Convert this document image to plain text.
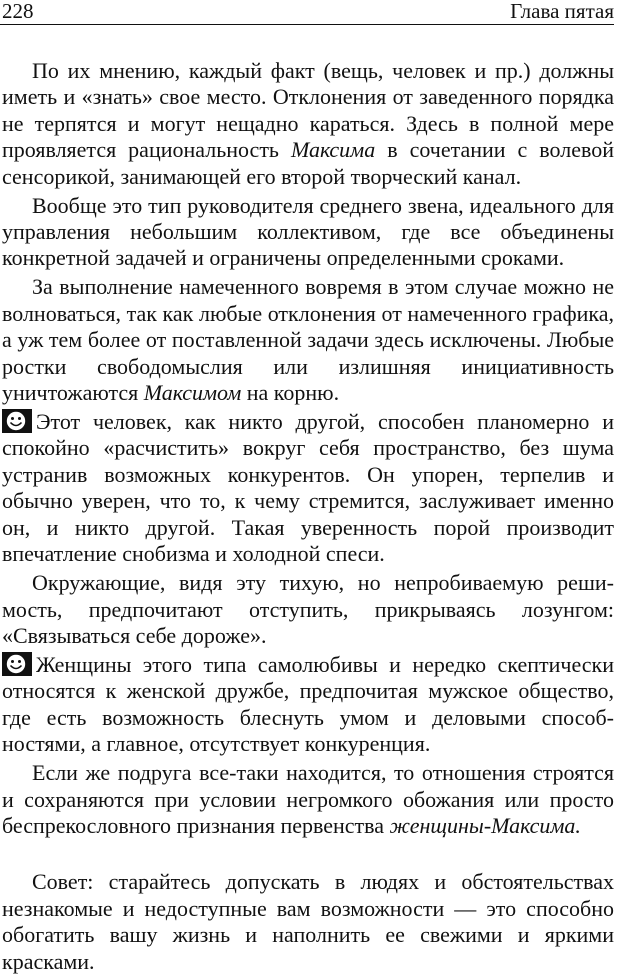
228	Глава пятая

По их мнению, каждый факт (вещь, человек и пр.) должны иметь и «знать» свое место. Отклонения от заведенного порядка не терпятся и могут нещадно караться. Здесь в полной мере проявляется рациональность Максима в сочетании с волевой сенсорикой, занимающей его второй творческий канал.

Вообще это тип руководителя среднего звена, идеального для управления небольшим коллективом, где все объединены конкретной задачей и ограничены определенными сроками.

За выполнение намеченного вовремя в этом случае можно не волноваться, так как любые отклонения от намеченного графика, а уж тем более от поставленной задачи здесь исключены. Любые ростки свободомыслия или излишняя инициативность уничтожаются Максимом на корню.

Этот человек, как никто другой, способен планомерно и спокойно «расчистить» вокруг себя пространство, без шума устранив возможных конкурентов. Он упорен, терпелив и обычно уверен, что то, к чему стремится, заслуживает именно он, и никто другой. Такая уверенность порой производит впечатление снобизма и холодной спеси.

Окружающие, видя эту тихую, но непробиваемую решимость, предпочитают отступить, прикрываясь лозунгом: «Связываться себе дороже».

Женщины этого типа самолюбивы и нередко скептически относятся к женской дружбе, предпочитая мужское общество, где есть возможность блеснуть умом и деловыми способностями, а главное, отсутствует конкуренция.

Если же подруга все-таки находится, то отношения строятся и сохраняются при условии негромкого обожания или просто беспрекословного признания первенства женщины-Максима.

Совет: старайтесь допускать в людях и обстоятельствах незнакомые и недоступные вам возможности — это способно обогатить вашу жизнь и наполнить ее свежими и яркими красками.
